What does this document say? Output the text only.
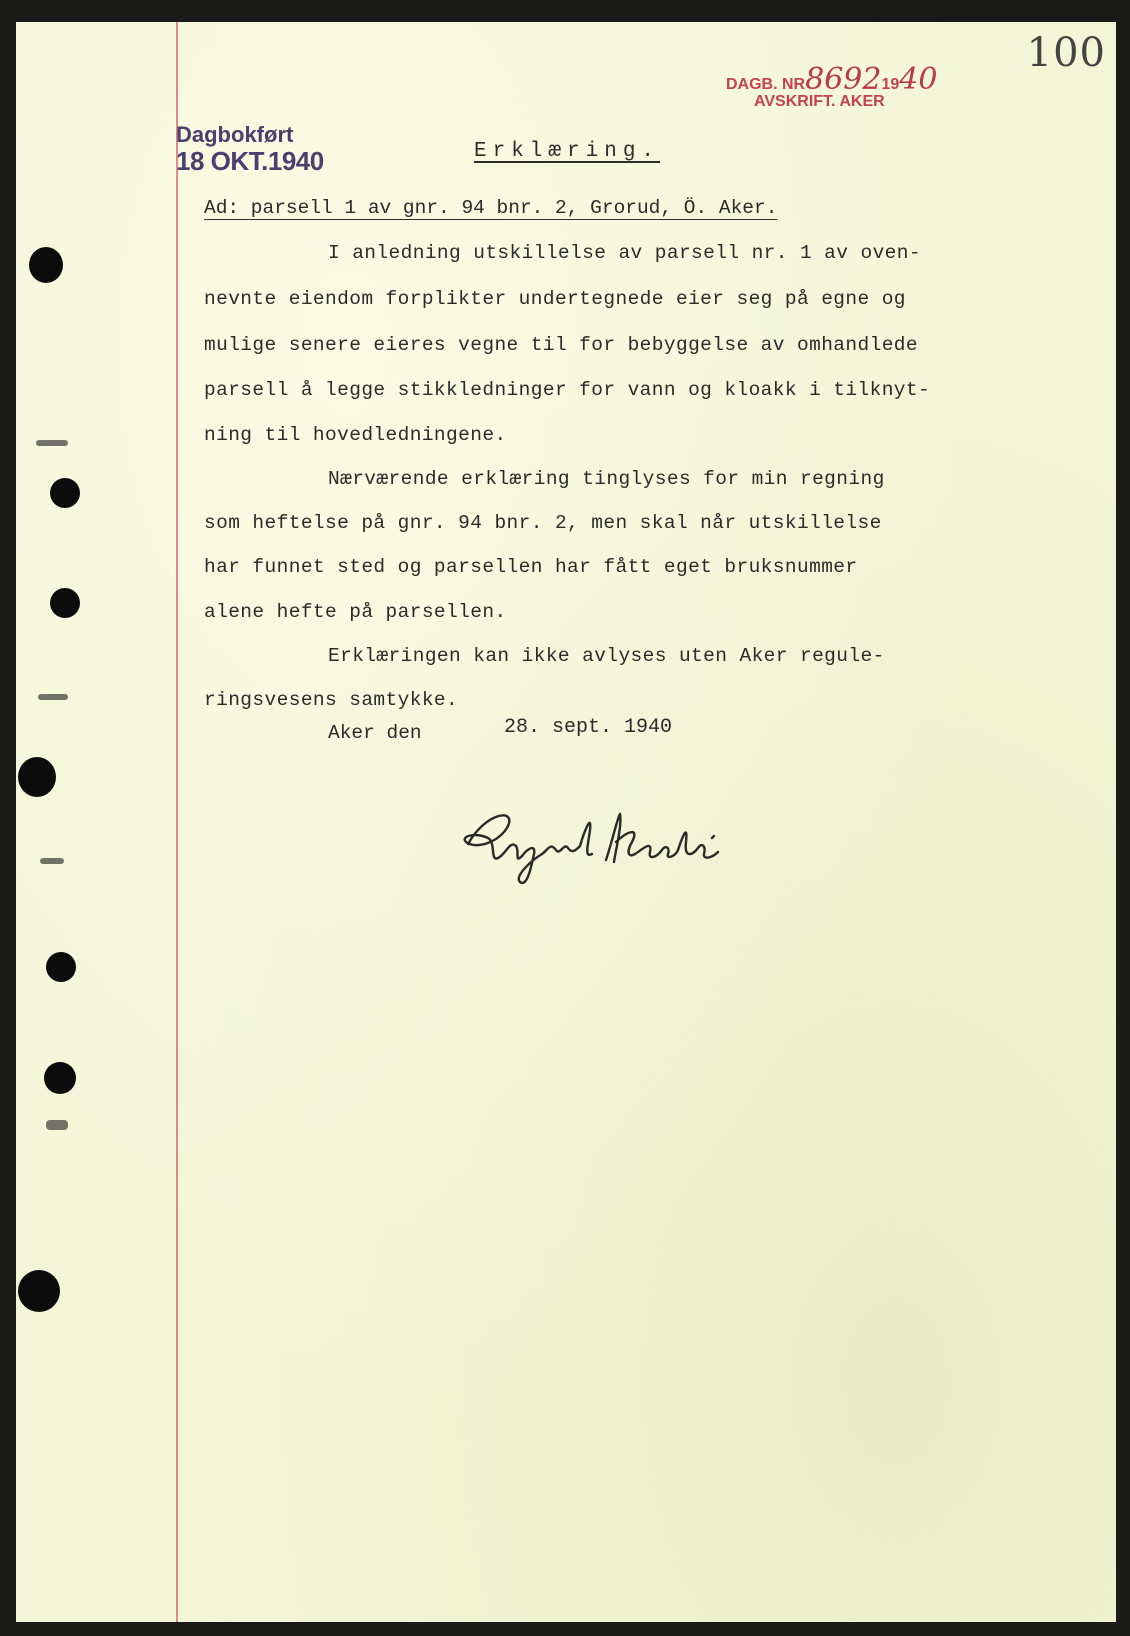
100
DAGB. NR86921940
AVSKRIFT. AKER
Dagbokført
18 OKT.1940	Erklæring.
Ad: parsell 1 av gnr. 94 bnr. 2, Grorud, Ö. Aker.
I anledning utskillelse av parsell nr. 1 av oven-
nevnte eiendom forplikter undertegnede eier seg på egne og
mulige senere eieres vegne til for bebyggelse av omhandlede
parsell å legge stikkledninger for vann og kloakk i tilknyt-
ning til hovedledningene.
Nærværende erklæring tinglyses for min regning
som heftelse på gnr. 94 bnr. 2, men skal når utskillelse
har funnet sted og parsellen har fått eget bruksnummer
alene hefte på parsellen.
Erklæringen kan ikke avlyses uten Aker regule-
ringsvesens samtykke.
Aker den	28. sept. 1940
